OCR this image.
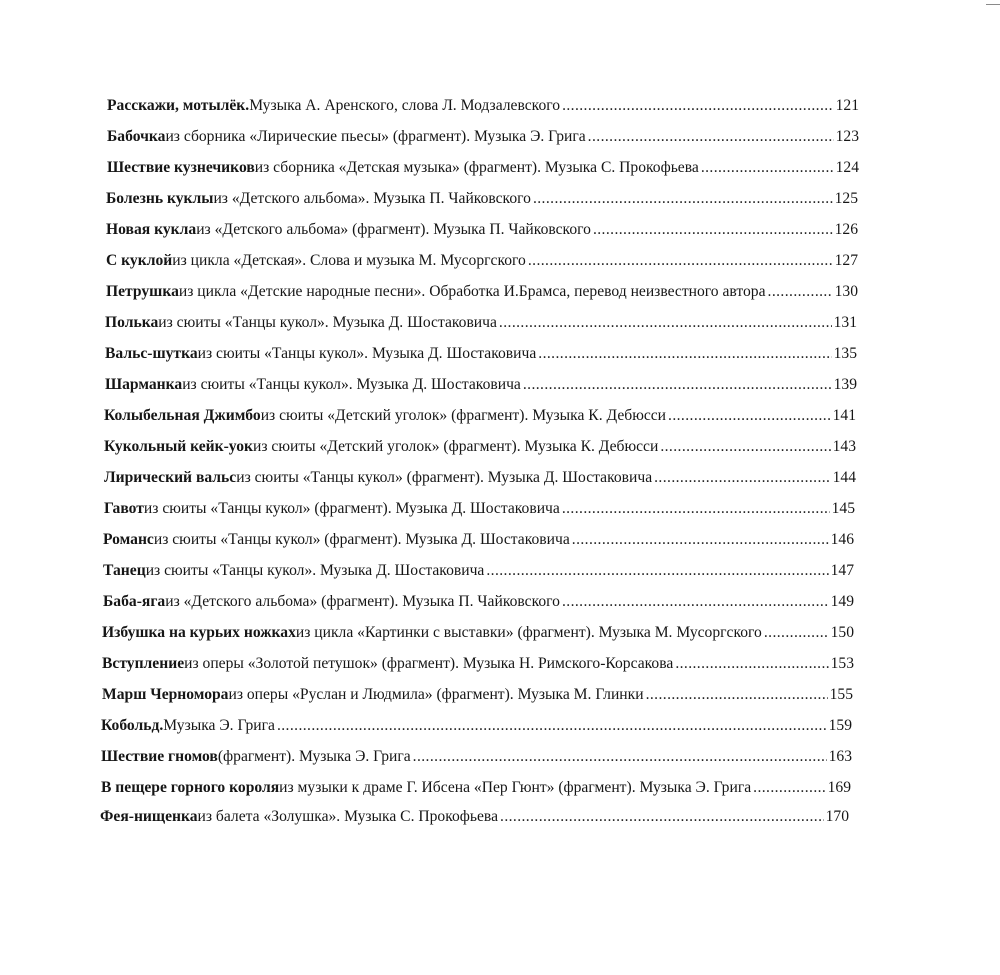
Расскажи, мотылёк. Музыка А. Аренского, слова Л. Модзалевского .....	121
Бабочка из сборника «Лирические пьесы» (фрагмент). Музыка Э. Грига .....	123
Шествие кузнечиков из сборника «Детская музыка» (фрагмент). Музыка С. Прокофьева .....	124
Болезнь куклы из «Детского альбома». Музыка П. Чайковского .....	125
Новая кукла из «Детского альбома» (фрагмент). Музыка П. Чайковского .....	126
С куклой из цикла «Детская». Слова и музыка М. Мусоргского .....	127
Петрушка из цикла «Детские народные песни». Обработка И.Брамса, перевод неизвестного автора .....	130
Полька из сюиты «Танцы кукол». Музыка Д. Шостаковича .....	131
Вальс-шутка из сюиты «Танцы кукол». Музыка Д. Шостаковича .....	135
Шарманка из сюиты «Танцы кукол». Музыка Д. Шостаковича .....	139
Колыбельная Джимбо из сюиты «Детский уголок» (фрагмент). Музыка К. Дебюсси .....	141
Кукольный кейк-уок из сюиты «Детский уголок» (фрагмент). Музыка К. Дебюсси .....	143
Лирический вальс из сюиты «Танцы кукол» (фрагмент). Музыка Д. Шостаковича .....	144
Гавот из сюиты «Танцы кукол» (фрагмент). Музыка Д. Шостаковича .....	145
Романс из сюиты «Танцы кукол» (фрагмент). Музыка Д. Шостаковича .....	146
Танец из сюиты «Танцы кукол». Музыка Д. Шостаковича .....	147
Баба-яга из «Детского альбома» (фрагмент). Музыка П. Чайковского .....	149
Избушка на курьих ножках из цикла «Картинки с выставки» (фрагмент). Музыка М. Мусоргского .....	150
Вступление из оперы «Золотой петушок» (фрагмент). Музыка Н. Римского-Корсакова .....	153
Марш Черномора из оперы «Руслан и Людмила» (фрагмент). Музыка М. Глинки .....	155
Кобольд. Музыка Э. Грига .....	159
Шествие гномов (фрагмент). Музыка Э. Грига .....	163
В пещере горного короля из музыки к драме Г. Ибсена «Пер Гюнт» (фрагмент). Музыка Э. Грига .....	169
Фея-нищенка из балета «Золушка». Музыка С. Прокофьева .....	170
